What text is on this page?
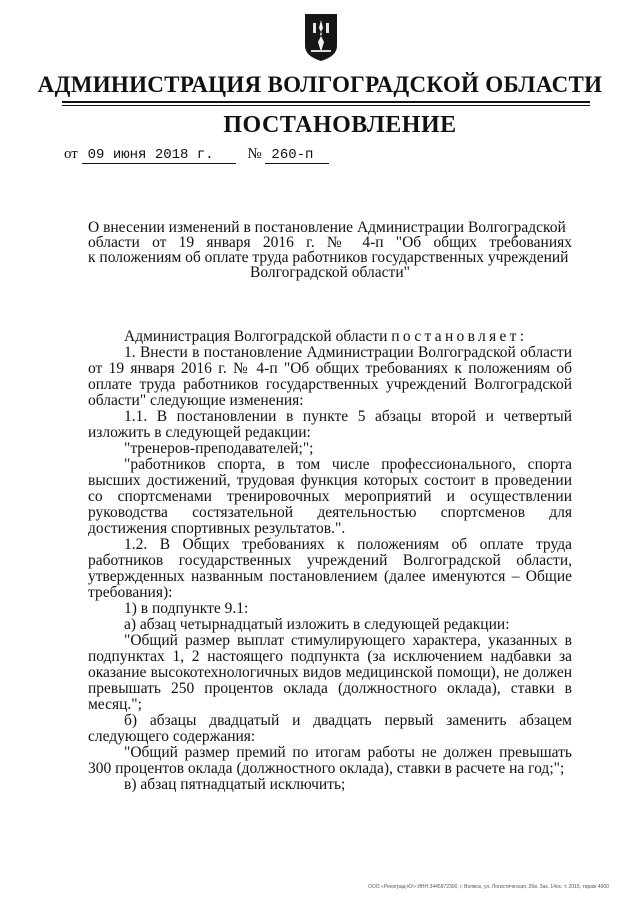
АДМИНИСТРАЦИЯ ВОЛГОГРАДСКОЙ ОБЛАСТИ
ПОСТАНОВЛЕНИЕ
от 09 июня 2018 г. № 260-п
О внесении изменений в постановление Администрации Волгоградской
области от 19 января 2016 г. № 4-п "Об общих требованиях
к положениям об оплате труда работников государственных учреждений
Волгоградской области"

Администрация Волгоградской области постановляет:

1. Внести в постановление Администрации Волгоградской области от 19 января 2016 г. № 4-п "Об общих требованиях к положениям об оплате труда работников государственных учреждений Волгоградской области" следующие изменения:

1.1. В постановлении в пункте 5 абзацы второй и четвертый изложить в следующей редакции:

"тренеров-преподавателей;";

"работников спорта, в том числе профессионального, спорта высших достижений, трудовая функция которых состоит в проведении со спортсменами тренировочных мероприятий и осуществлении руководства состязательной деятельностью спортсменов для достижения спортивных результатов.".

1.2. В Общих требованиях к положениям об оплате труда работников государственных учреждений Волгоградской области, утвержденных названным постановлением (далее именуются – Общие требования):

1) в подпункте 9.1:

а) абзац четырнадцатый изложить в следующей редакции:

"Общий размер выплат стимулирующего характера, указанных в подпунктах 1, 2 настоящего подпункта (за исключением надбавки за оказание высокотехнологичных видов медицинской помощи), не должен превышать 250 процентов оклада (должностного оклада), ставки в месяц.";

б) абзацы двадцатый и двадцать первый заменить абзацем следующего содержания:

"Общий размер премий по итогам работы не должен превышать 300 процентов оклада (должностного оклада), ставки в расчете на год;";

в) абзац пятнадцатый исключить;

ООО «Реноград-КУ» ИНН 3445972300, г. Волжск, ул. Логистическая, 26в. Зак. 14ос. т. 2015, тираж 4000
